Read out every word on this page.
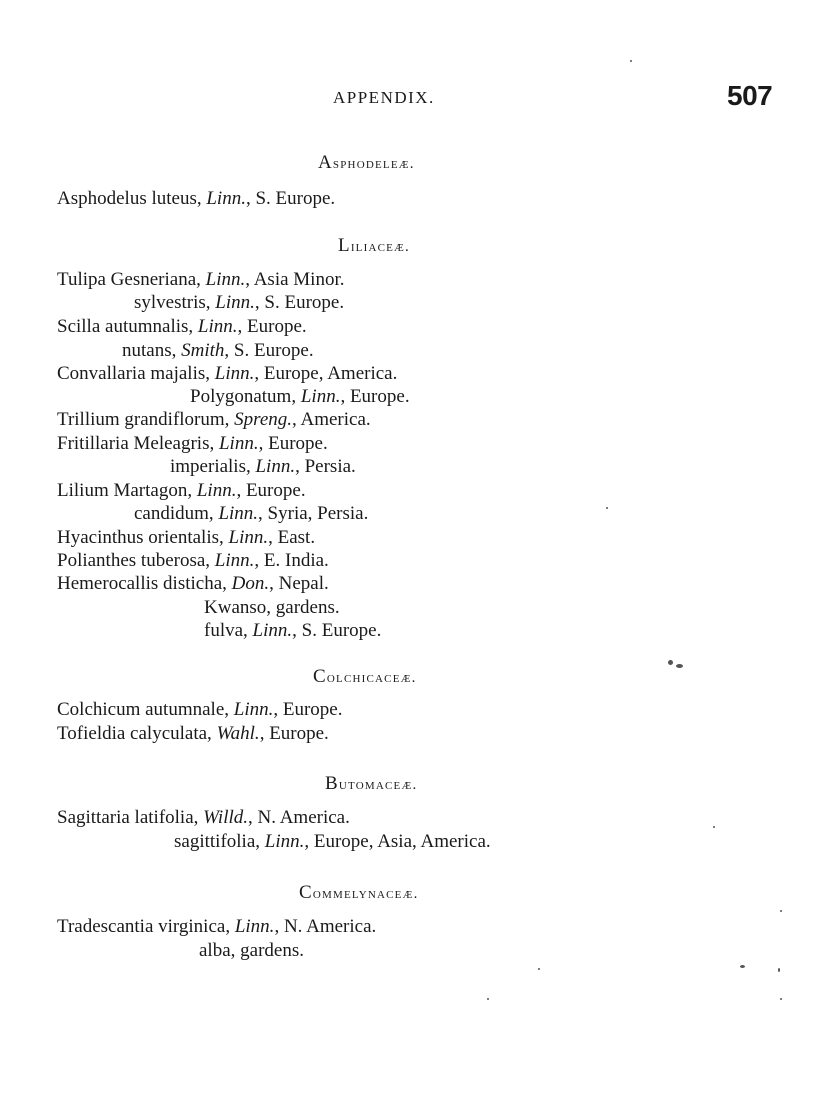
APPENDIX.	507
Asphodeleæ.
Asphodelus luteus, Linn., S. Europe.
Liliaceæ.
Tulipa Gesneriana, Linn., Asia Minor.
sylvestris, Linn., S. Europe.
Scilla autumnalis, Linn., Europe.
nutans, Smith, S. Europe.
Convallaria majalis, Linn., Europe, America.
Polygonatum, Linn., Europe.
Trillium grandiflorum, Spreng., America.
Fritillaria Meleagris, Linn., Europe.
imperialis, Linn., Persia.
Lilium Martagon, Linn., Europe.
candidum, Linn., Syria, Persia.
Hyacinthus orientalis, Linn., East.
Polianthes tuberosa, Linn., E. India.
Hemerocallis disticha, Don., Nepal.
Kwanso, gardens.
fulva, Linn., S. Europe.
Colchicaceæ.
Colchicum autumnale, Linn., Europe.
Tofieldia calyculata, Wahl., Europe.
Butomaceæ.
Sagittaria latifolia, Willd., N. America.
sagittifolia, Linn., Europe, Asia, America.
Commelynaceæ.
Tradescantia virginica, Linn., N. America.
alba, gardens.
